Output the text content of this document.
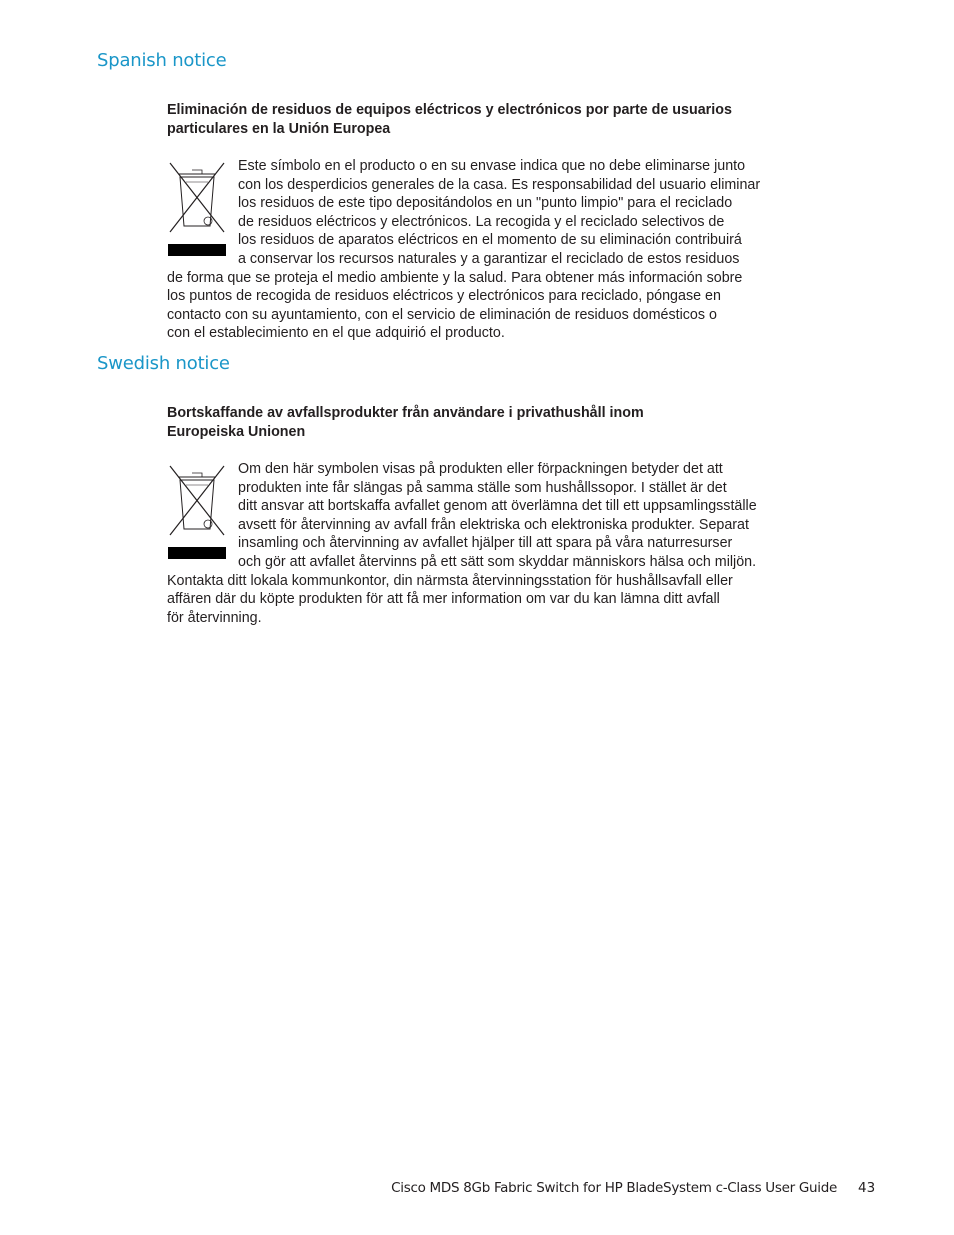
Spanish notice
Eliminación de residuos de equipos eléctricos y electrónicos por parte de usuarios
particulares en la Unión Europea
Este símbolo en el producto o en su envase indica que no debe eliminarse junto
con los desperdicios generales de la casa. Es responsabilidad del usuario eliminar
los residuos de este tipo depositándolos en un "punto limpio" para el reciclado
de residuos eléctricos y electrónicos. La recogida y el reciclado selectivos de
los residuos de aparatos eléctricos en el momento de su eliminación contribuirá
a conservar los recursos naturales y a garantizar el reciclado de estos residuos
de forma que se proteja el medio ambiente y la salud. Para obtener más información sobre
los puntos de recogida de residuos eléctricos y electrónicos para reciclado, póngase en
contacto con su ayuntamiento, con el servicio de eliminación de residuos domésticos o
con el establecimiento en el que adquirió el producto.
Swedish notice
Bortskaffande av avfallsprodukter från användare i privathushåll inom
Europeiska Unionen
Om den här symbolen visas på produkten eller förpackningen betyder det att
produkten inte får slängas på samma ställe som hushållssopor. I stället är det
ditt ansvar att bortskaffa avfallet genom att överlämna det till ett uppsamlingsställe
avsett för återvinning av avfall från elektriska och elektroniska produkter. Separat
insamling och återvinning av avfallet hjälper till att spara på våra naturresurser
och gör att avfallet återvinns på ett sätt som skyddar människors hälsa och miljön.
Kontakta ditt lokala kommunkontor, din närmsta återvinningsstation för hushållsavfall eller
affären där du köpte produkten för att få mer information om var du kan lämna ditt avfall
för återvinning.
Cisco MDS 8Gb Fabric Switch for HP BladeSystem c-Class User Guide 43
